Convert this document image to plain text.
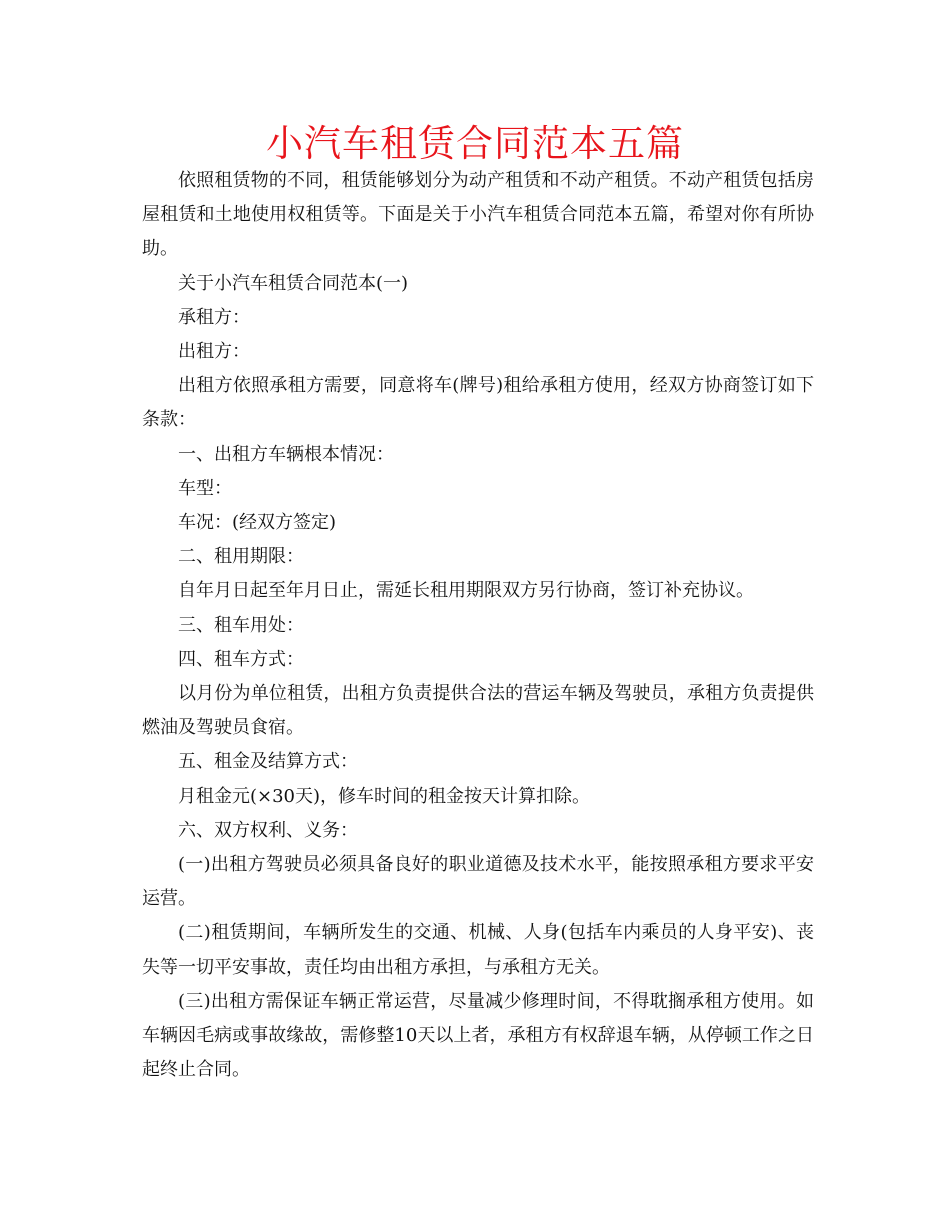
小汽车租赁合同范本五篇

依照租赁物的不同，租赁能够划分为动产租赁和不动产租赁。不动产租赁包括房屋租赁和土地使用权租赁等。下面是关于小汽车租赁合同范本五篇，希望对你有所协助。

关于小汽车租赁合同范本(一)

承租方：

出租方：

出租方依照承租方需要，同意将车(牌号)租给承租方使用，经双方协商签订如下条款：

一、出租方车辆根本情况：

车型：

车况：(经双方签定)

二、租用期限：

自年月日起至年月日止，需延长租用期限双方另行协商，签订补充协议。

三、租车用处：

四、租车方式：

以月份为单位租赁，出租方负责提供合法的营运车辆及驾驶员，承租方负责提供燃油及驾驶员食宿。

五、租金及结算方式：

月租金元(×30天)，修车时间的租金按天计算扣除。

六、双方权利、义务：

(一)出租方驾驶员必须具备良好的职业道德及技术水平，能按照承租方要求平安运营。

(二)租赁期间，车辆所发生的交通、机械、人身(包括车内乘员的人身平安)、丧失等一切平安事故，责任均由出租方承担，与承租方无关。

(三)出租方需保证车辆正常运营，尽量减少修理时间，不得耽搁承租方使用。如车辆因毛病或事故缘故，需修整10天以上者，承租方有权辞退车辆，从停顿工作之日起终止合同。
